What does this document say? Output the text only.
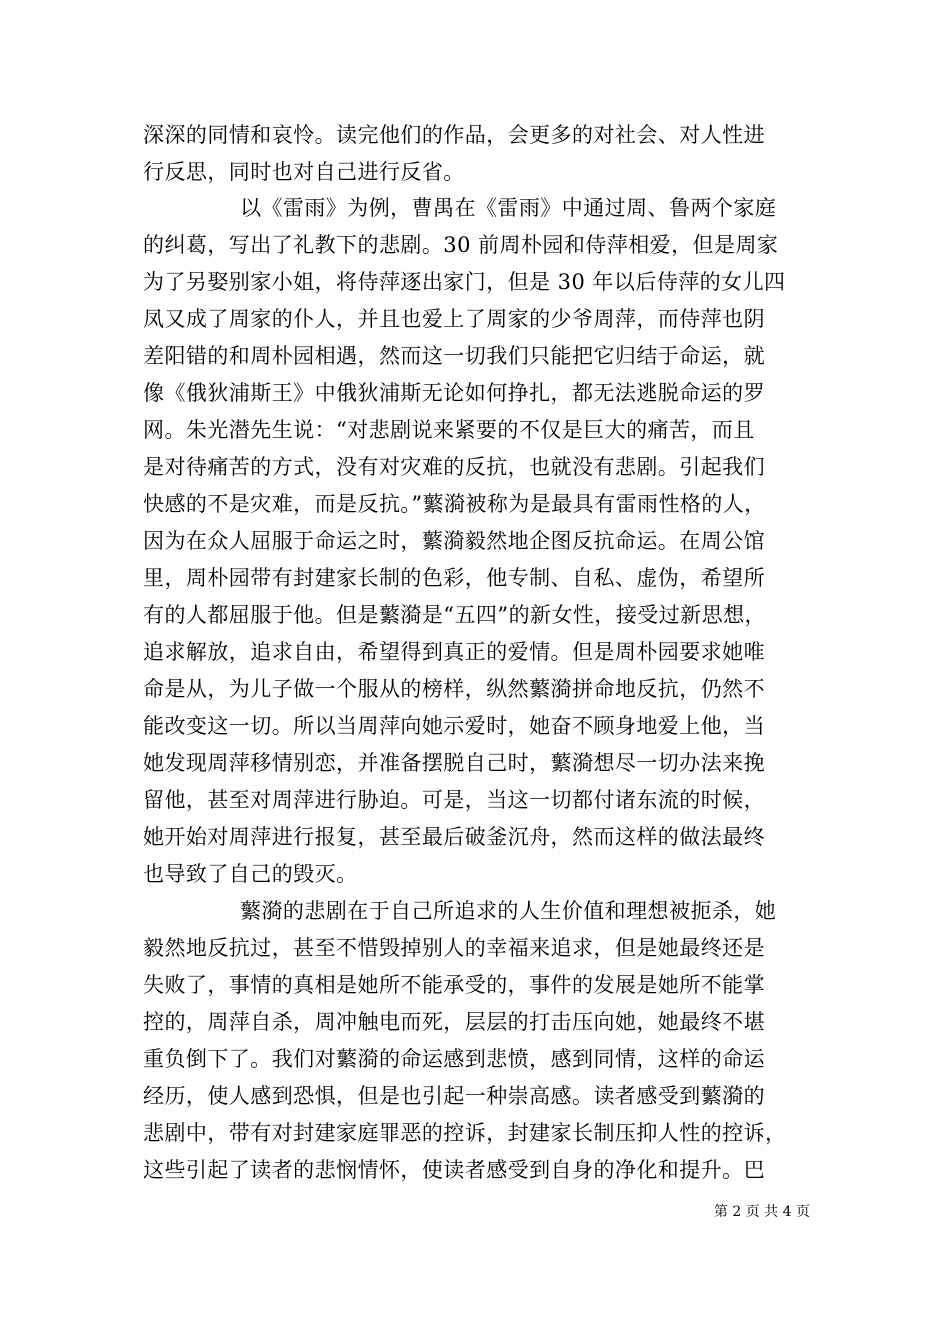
深深的同情和哀怜。读完他们的作品，会更多的对社会、对人性进
行反思，同时也对自己进行反省。
以《雷雨》为例，曹禺在《雷雨》中通过周、鲁两个家庭
的纠葛，写出了礼教下的悲剧。30 前周朴园和侍萍相爱，但是周家
为了另娶别家小姐，将侍萍逐出家门，但是 30 年以后侍萍的女儿四
凤又成了周家的仆人，并且也爱上了周家的少爷周萍，而侍萍也阴
差阳错的和周朴园相遇，然而这一切我们只能把它归结于命运，就
像《俄狄浦斯王》中俄狄浦斯无论如何挣扎，都无法逃脱命运的罗
网。朱光潜先生说：“对悲剧说来紧要的不仅是巨大的痛苦，而且
是对待痛苦的方式，没有对灾难的反抗，也就没有悲剧。引起我们
快感的不是灾难，而是反抗。”蘩漪被称为是最具有雷雨性格的人，
因为在众人屈服于命运之时，蘩漪毅然地企图反抗命运。在周公馆
里，周朴园带有封建家长制的色彩，他专制、自私、虚伪，希望所
有的人都屈服于他。但是蘩漪是“五四”的新女性，接受过新思想，
追求解放，追求自由，希望得到真正的爱情。但是周朴园要求她唯
命是从，为儿子做一个服从的榜样，纵然蘩漪拼命地反抗，仍然不
能改变这一切。所以当周萍向她示爱时，她奋不顾身地爱上他，当
她发现周萍移情别恋，并准备摆脱自己时，蘩漪想尽一切办法来挽
留他，甚至对周萍进行胁迫。可是，当这一切都付诸东流的时候，
她开始对周萍进行报复，甚至最后破釜沉舟，然而这样的做法最终
也导致了自己的毁灭。
蘩漪的悲剧在于自己所追求的人生价值和理想被扼杀，她
毅然地反抗过，甚至不惜毁掉别人的幸福来追求，但是她最终还是
失败了，事情的真相是她所不能承受的，事件的发展是她所不能掌
控的，周萍自杀，周冲触电而死，层层的打击压向她，她最终不堪
重负倒下了。我们对蘩漪的命运感到悲愤，感到同情，这样的命运
经历，使人感到恐惧，但是也引起一种崇高感。读者感受到蘩漪的
悲剧中，带有对封建家庭罪恶的控诉，封建家长制压抑人性的控诉，
这些引起了读者的悲悯情怀，使读者感受到自身的净化和提升。巴
第 2 页 共 4 页
